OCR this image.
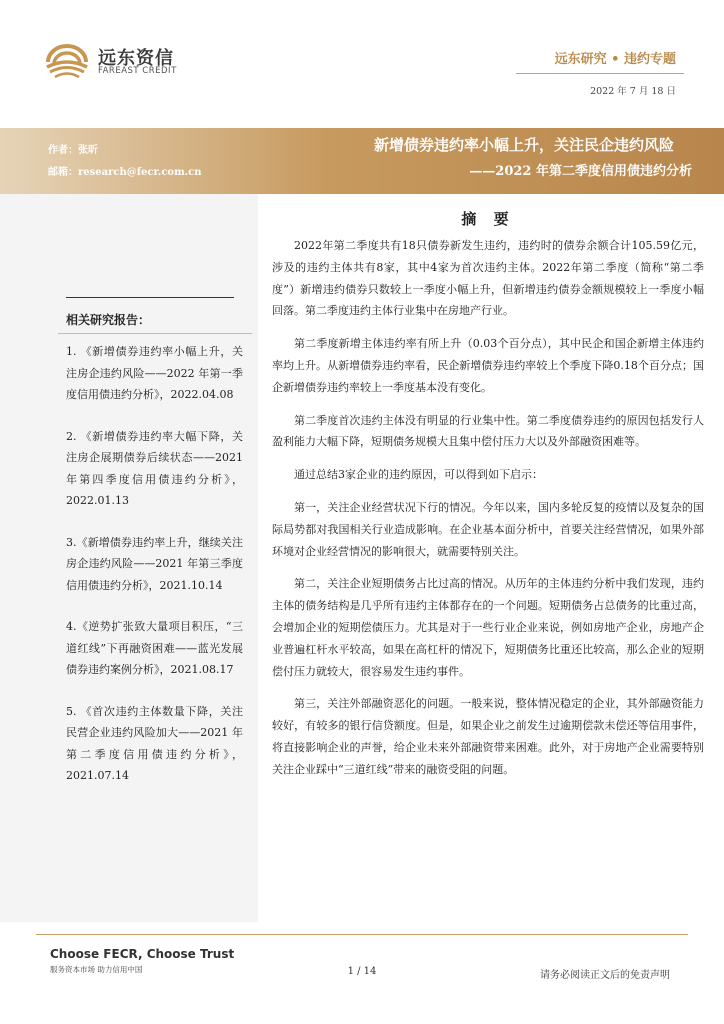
远东资信
FAREAST CREDIT
远东研究 • 违约专题
2022 年 7 月 18 日
作者：张昕
邮箱：research@fecr.com.cn
新增债券违约率小幅上升，关注民企违约风险
——2022 年第二季度信用债违约分析
相关研究报告：
1. 《新增债券违约率小幅上升，关注房企违约风险——2022 年第一季度信用债违约分析》，2022.04.08
2. 《新增债券违约率大幅下降，关注房企展期债券后续状态——2021 年第四季度信用债违约分析》，2022.01.13
3.《新增债券违约率上升，继续关注房企违约风险——2021 年第三季度信用债违约分析》，2021.10.14
4.《逆势扩张致大量项目积压，“三道红线”下再融资困难——蓝光发展债券违约案例分析》，2021.08.17
5. 《首次违约主体数量下降，关注民营企业违约风险加大——2021 年第二季度信用债违约分析》，2021.07.14
摘 要

2022年第二季度共有18只债券新发生违约，违约时的债券余额合计105.59亿元，涉及的违约主体共有8家，其中4家为首次违约主体。2022年第二季度（简称“第二季度”）新增违约债券只数较上一季度小幅上升，但新增违约债券金额规模较上一季度小幅回落。第二季度违约主体行业集中在房地产行业。

第二季度新增主体违约率有所上升（0.03个百分点），其中民企和国企新增主体违约率均上升。从新增债券违约率看，民企新增债券违约率较上个季度下降0.18个百分点；国企新增债券违约率较上一季度基本没有变化。

第二季度首次违约主体没有明显的行业集中性。第二季度债券违约的原因包括发行人盈利能力大幅下降，短期债务规模大且集中偿付压力大以及外部融资困难等。

通过总结3家企业的违约原因，可以得到如下启示：

第一，关注企业经营状况下行的情况。今年以来，国内多轮反复的疫情以及复杂的国际局势都对我国相关行业造成影响。在企业基本面分析中，首要关注经营情况，如果外部环境对企业经营情况的影响很大，就需要特别关注。

第二，关注企业短期债务占比过高的情况。从历年的主体违约分析中我们发现，违约主体的债务结构是几乎所有违约主体都存在的一个问题。短期债务占总债务的比重过高，会增加企业的短期偿债压力。尤其是对于一些行业企业来说，例如房地产企业，房地产企业普遍杠杆水平较高，如果在高杠杆的情况下，短期债务比重还比较高，那么企业的短期偿付压力就较大，很容易发生违约事件。

第三，关注外部融资恶化的问题。一般来说，整体情况稳定的企业，其外部融资能力较好，有较多的银行信贷额度。但是，如果企业之前发生过逾期偿款未偿还等信用事件，将直接影响企业的声誉，给企业未来外部融资带来困难。此外，对于房地产企业需要特别关注企业踩中“三道红线”带来的融资受阻的问题。

Choose FECR, Choose Trust
服务资本市场 助力信用中国	1 / 14	请务必阅读正文后的免责声明
